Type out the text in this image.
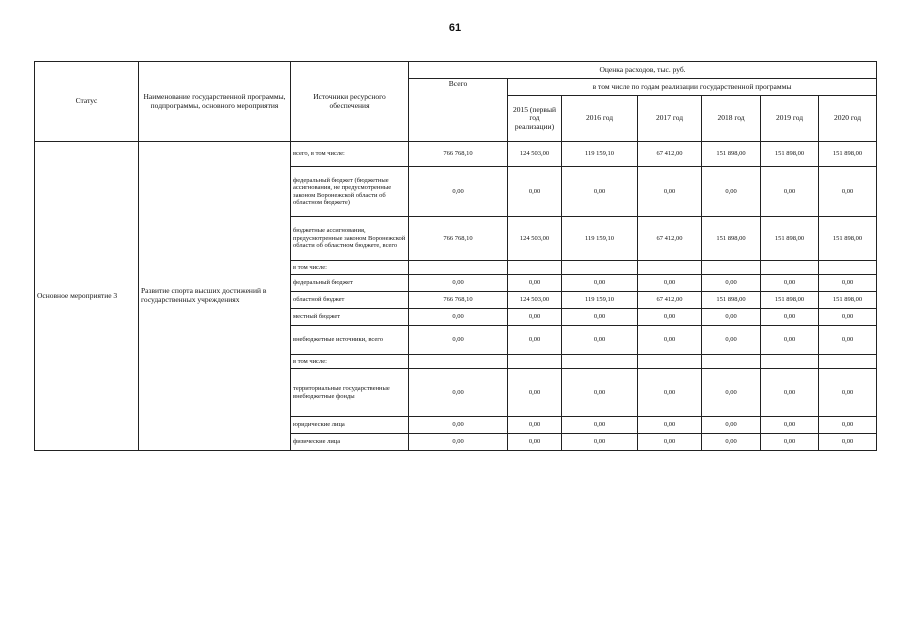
61
Статус	Наименование государственной программы, подпрограммы, основного мероприятия	Источники ресурсного обеспечения	Оценка расходов, тыс. руб.						
			Всего	в том числе по годам реализации государственной программы					
				2015 (первый год реализации)	2016 год	2017 год	2018 год	2019 год	2020 год
Основное мероприятие 3	Развитие спорта высших достижений в государственных учреждениях	всего, в том числе:	766 768,10	124 503,00	119 159,10	67 412,00	151 898,00	151 898,00	151 898,00
		федеральный бюджет (бюджетные ассигнования, не предусмотренные законом Воронежской области об областном бюджете)	0,00	0,00	0,00	0,00	0,00	0,00	0,00
		бюджетные ассигнования, предусмотренные законом Воронежской области об областном бюджете, всего	766 768,10	124 503,00	119 159,10	67 412,00	151 898,00	151 898,00	151 898,00
		в том числе:							
		федеральный бюджет	0,00	0,00	0,00	0,00	0,00	0,00	0,00
		областной бюджет	766 768,10	124 503,00	119 159,10	67 412,00	151 898,00	151 898,00	151 898,00
		местный бюджет	0,00	0,00	0,00	0,00	0,00	0,00	0,00
		внебюджетные источники, всего	0,00	0,00	0,00	0,00	0,00	0,00	0,00
		в том числе:							
		территориальные государственные внебюджетные фонды	0,00	0,00	0,00	0,00	0,00	0,00	0,00
		юридические лица	0,00	0,00	0,00	0,00	0,00	0,00	0,00
		физические лица	0,00	0,00	0,00	0,00	0,00	0,00	0,00
